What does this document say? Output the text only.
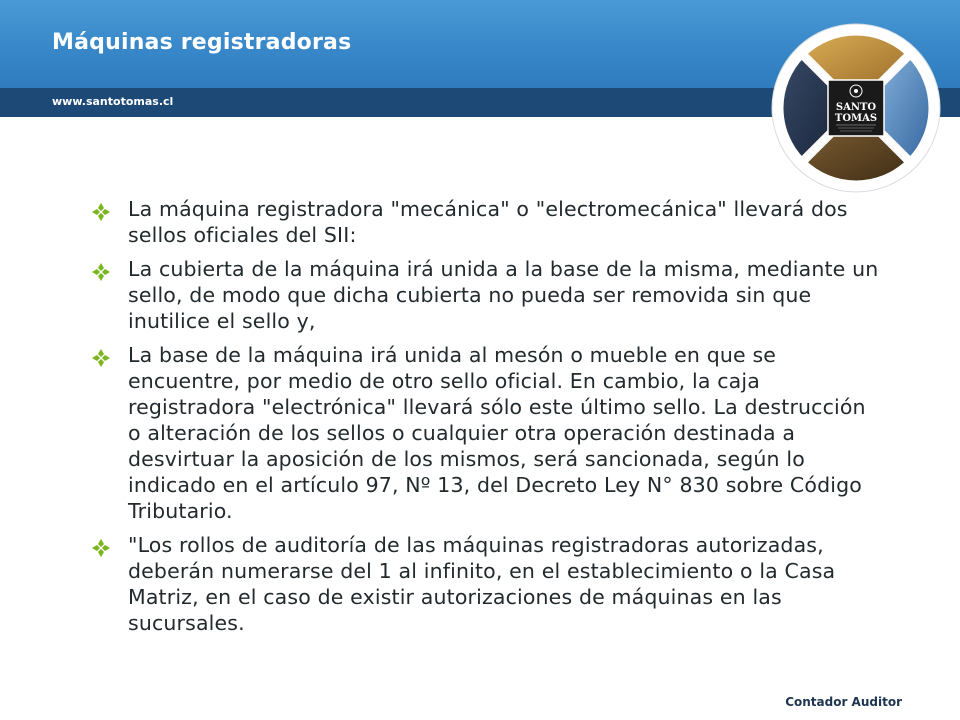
Máquinas registradoras
www.santotomas.cl	SANTO
TOMAS
La máquina registradora "mecánica" o "electromecánica" llevará dos sellos oficiales del SII:
La cubierta de la máquina irá unida a la base de la misma, mediante un sello, de modo que dicha cubierta no pueda ser removida sin que inutilice el sello y,
La base de la máquina irá unida al mesón o mueble en que se encuentre, por medio de otro sello oficial. En cambio, la caja registradora "electrónica" llevará sólo este último sello. La destrucción o alteración de los sellos o cualquier otra operación destinada a desvirtuar la aposición de los mismos, será sancionada, según lo indicado en el artículo 97, Nº 13, del Decreto Ley N° 830 sobre Código Tributario.
"Los rollos de auditoría de las máquinas registradoras autorizadas, deberán numerarse del 1 al infinito, en el establecimiento o la Casa Matriz, en el caso de existir autorizaciones de máquinas en las sucursales.
Contador Auditor
